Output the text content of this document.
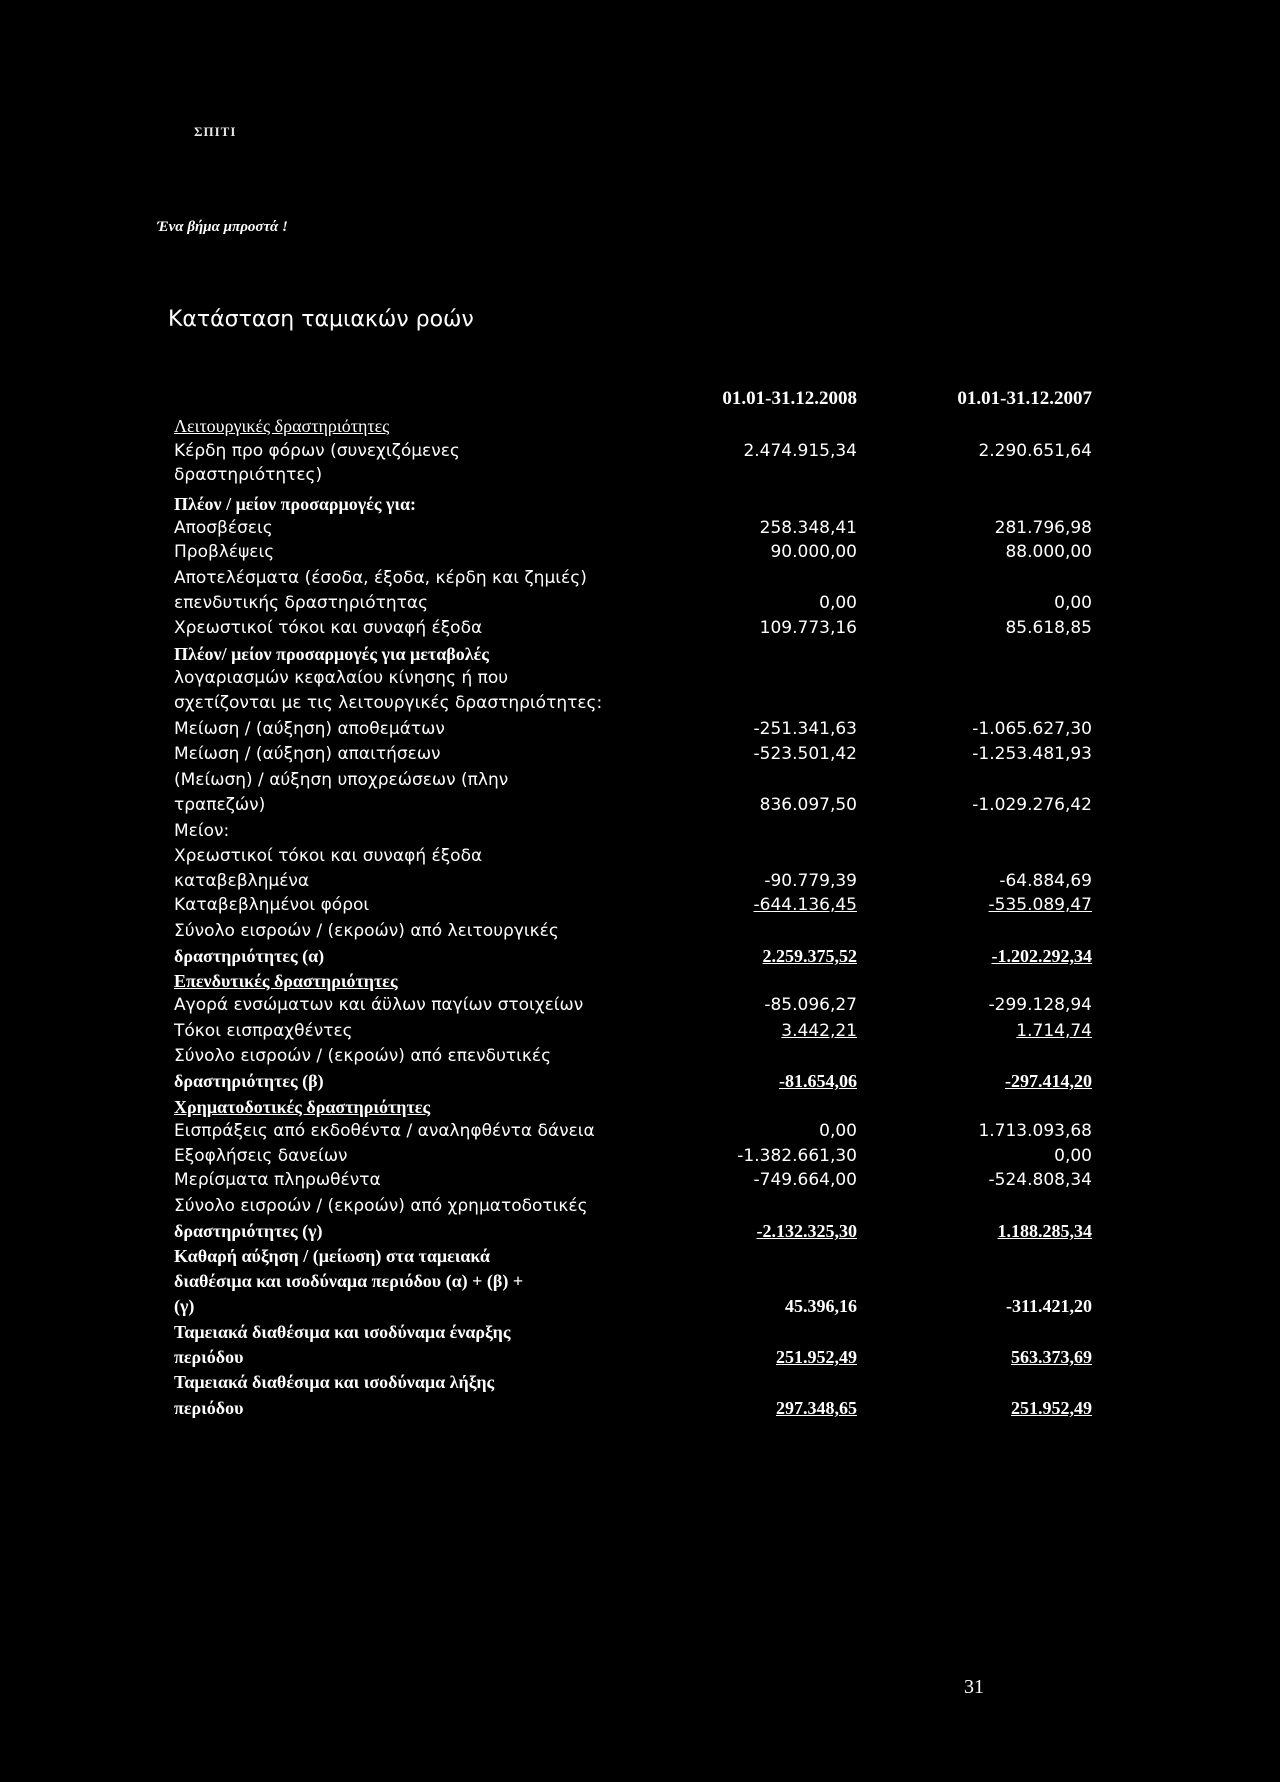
ΣΠΙΤΙ
Ένα βήμα μπροστά !
Κατάσταση ταμιακών ροών
01.01-31.12.2008	01.01-31.12.2007
Λειτουργικές δραστηριότητες
Κέρδη προ φόρων (συνεχιζόμενες	2.474.915,34	2.290.651,64
δραστηριότητες)
Πλέον / μείον προσαρμογές για:
Αποσβέσεις	258.348,41	281.796,98
Προβλέψεις	90.000,00	88.000,00
Αποτελέσματα (έσοδα, έξοδα, κέρδη και ζημιές)
επενδυτικής δραστηριότητας	0,00	0,00
Χρεωστικοί τόκοι και συναφή έξοδα	109.773,16	85.618,85
Πλέον/ μείον προσαρμογές για μεταβολές
λογαριασμών κεφαλαίου κίνησης ή που
σχετίζονται με τις λειτουργικές δραστηριότητες:
Μείωση / (αύξηση) αποθεμάτων	-251.341,63	-1.065.627,30
Μείωση / (αύξηση) απαιτήσεων	-523.501,42	-1.253.481,93
(Μείωση) / αύξηση υποχρεώσεων (πλην
τραπεζών)	836.097,50	-1.029.276,42
Μείον:
Χρεωστικοί τόκοι και συναφή έξοδα
καταβεβλημένα	-90.779,39	-64.884,69
Καταβεβλημένοι φόροι	-644.136,45	-535.089,47
Σύνολο εισροών / (εκροών) από λειτουργικές
δραστηριότητες (α)	2.259.375,52	-1.202.292,34
Επενδυτικές δραστηριότητες
Αγορά ενσώματων και άϋλων παγίων στοιχείων	-85.096,27	-299.128,94
Τόκοι εισπραχθέντες	3.442,21	1.714,74
Σύνολο εισροών / (εκροών) από επενδυτικές
δραστηριότητες (β)	-81.654,06	-297.414,20
Χρηματοδοτικές δραστηριότητες
Εισπράξεις από εκδοθέντα / αναληφθέντα δάνεια	0,00	1.713.093,68
Εξοφλήσεις δανείων	-1.382.661,30	0,00
Μερίσματα πληρωθέντα	-749.664,00	-524.808,34
Σύνολο εισροών / (εκροών) από χρηματοδοτικές
δραστηριότητες (γ)	-2.132.325,30	1.188.285,34
Καθαρή αύξηση / (μείωση) στα ταμειακά
διαθέσιμα και ισοδύναμα περιόδου (α) + (β) +
(γ)	45.396,16	-311.421,20
Ταμειακά διαθέσιμα και ισοδύναμα έναρξης
περιόδου	251.952,49	563.373,69
Ταμειακά διαθέσιμα και ισοδύναμα λήξης
περιόδου	297.348,65	251.952,49
31
